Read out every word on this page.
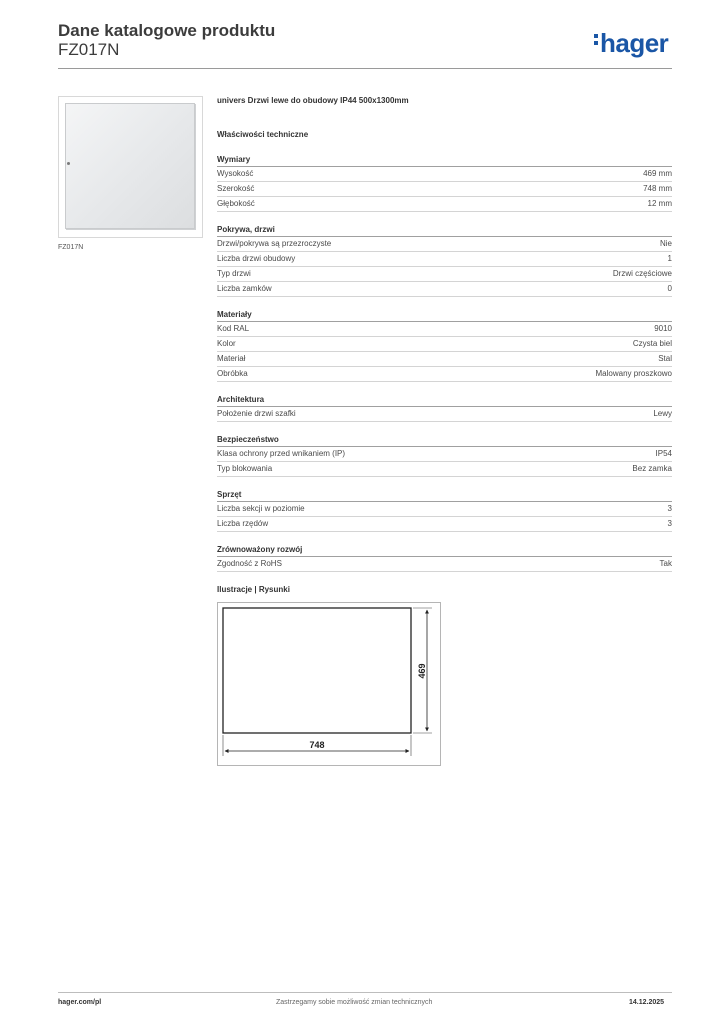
Dane katalogowe produktu
FZ017N	hager
FZ017N
univers Drzwi lewe do obudowy IP44 500x1300mm
Właściwości techniczne
Wymiary
Wysokość	469 mm
Szerokość	748 mm
Głębokość	12 mm
Pokrywa, drzwi
Drzwi/pokrywa są przezroczyste	Nie
Liczba drzwi obudowy	1
Typ drzwi	Drzwi częściowe
Liczba zamków	0
Materiały
Kod RAL	9010
Kolor	Czysta biel
Materiał	Stal
Obróbka	Malowany proszkowo
Architektura
Położenie drzwi szafki	Lewy
Bezpieczeństwo
Klasa ochrony przed wnikaniem (IP)	IP54
Typ blokowania	Bez zamka
Sprzęt
Liczba sekcji w poziomie	3
Liczba rzędów	3
Zrównoważony rozwój
Zgodność z RoHS	Tak
Ilustracje | Rysunki
469
748
hager.com/pl	Zastrzegamy sobie możliwość zmian technicznych	14.12.2025
